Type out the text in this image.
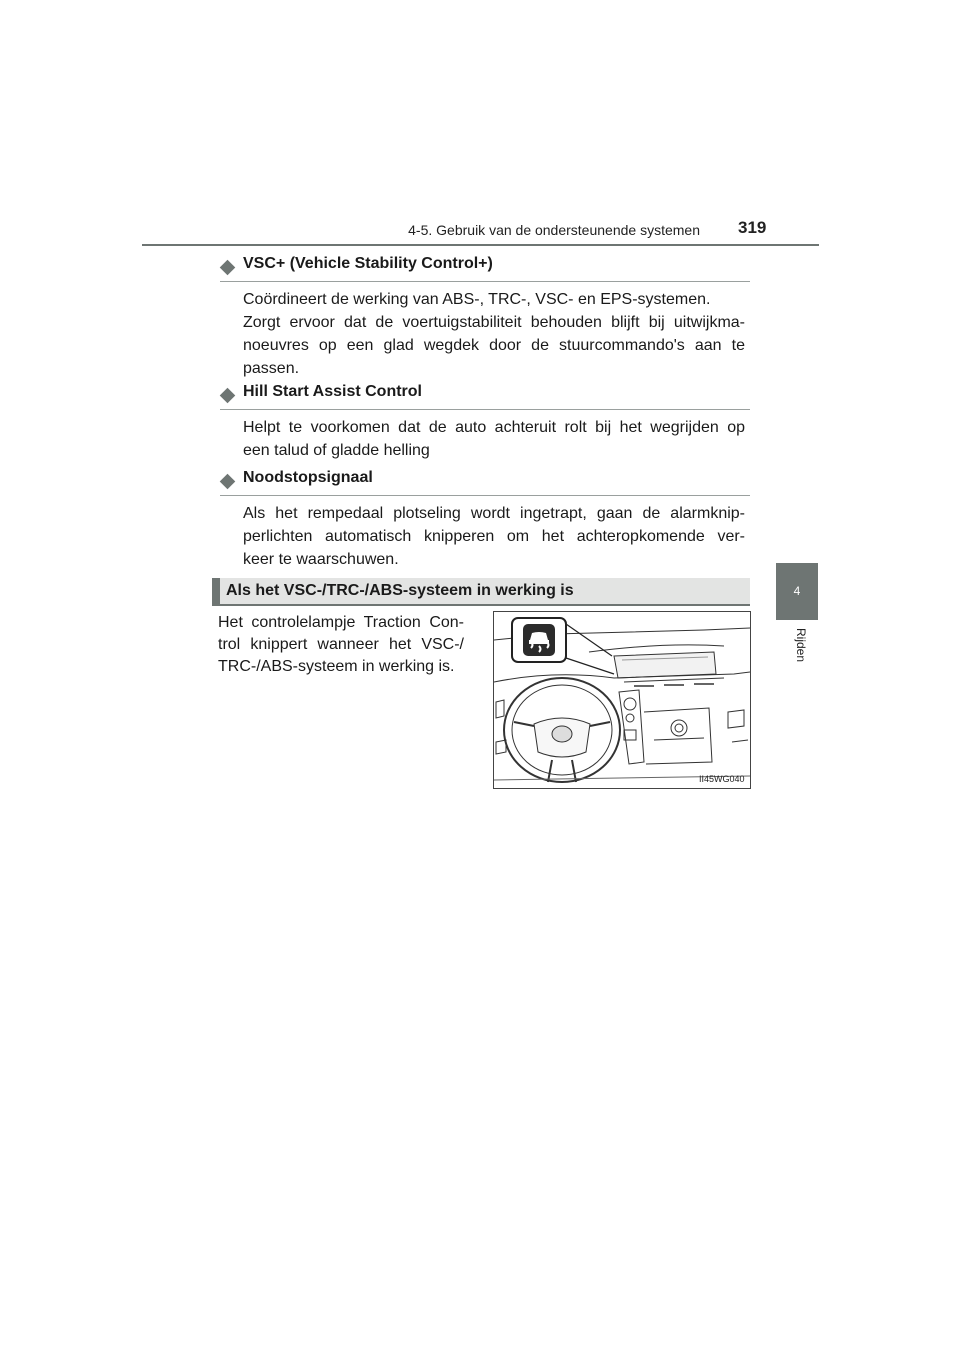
4-5. Gebruik van de ondersteunende systemen 319
4
Rijden
VSC+ (Vehicle Stability Control+)
Coördineert de werking van ABS-, TRC-, VSC- en EPS-systemen.
Zorgt ervoor dat de voertuigstabiliteit behouden blijft bij uitwijkma-
noeuvres op een glad wegdek door de stuurcommando's aan te
passen.
Hill Start Assist Control
Helpt te voorkomen dat de auto achteruit rolt bij het wegrijden op
een talud of gladde helling
Noodstopsignaal
Als het rempedaal plotseling wordt ingetrapt, gaan de alarmknip-
perlichten automatisch knipperen om het achteropkomende ver-
keer te waarschuwen.
Als het VSC-/TRC-/ABS-systeem in werking is
Het controlelampje Traction Con-
trol knippert wanneer het VSC-/
TRC-/ABS-systeem in werking is.
II45WG040
